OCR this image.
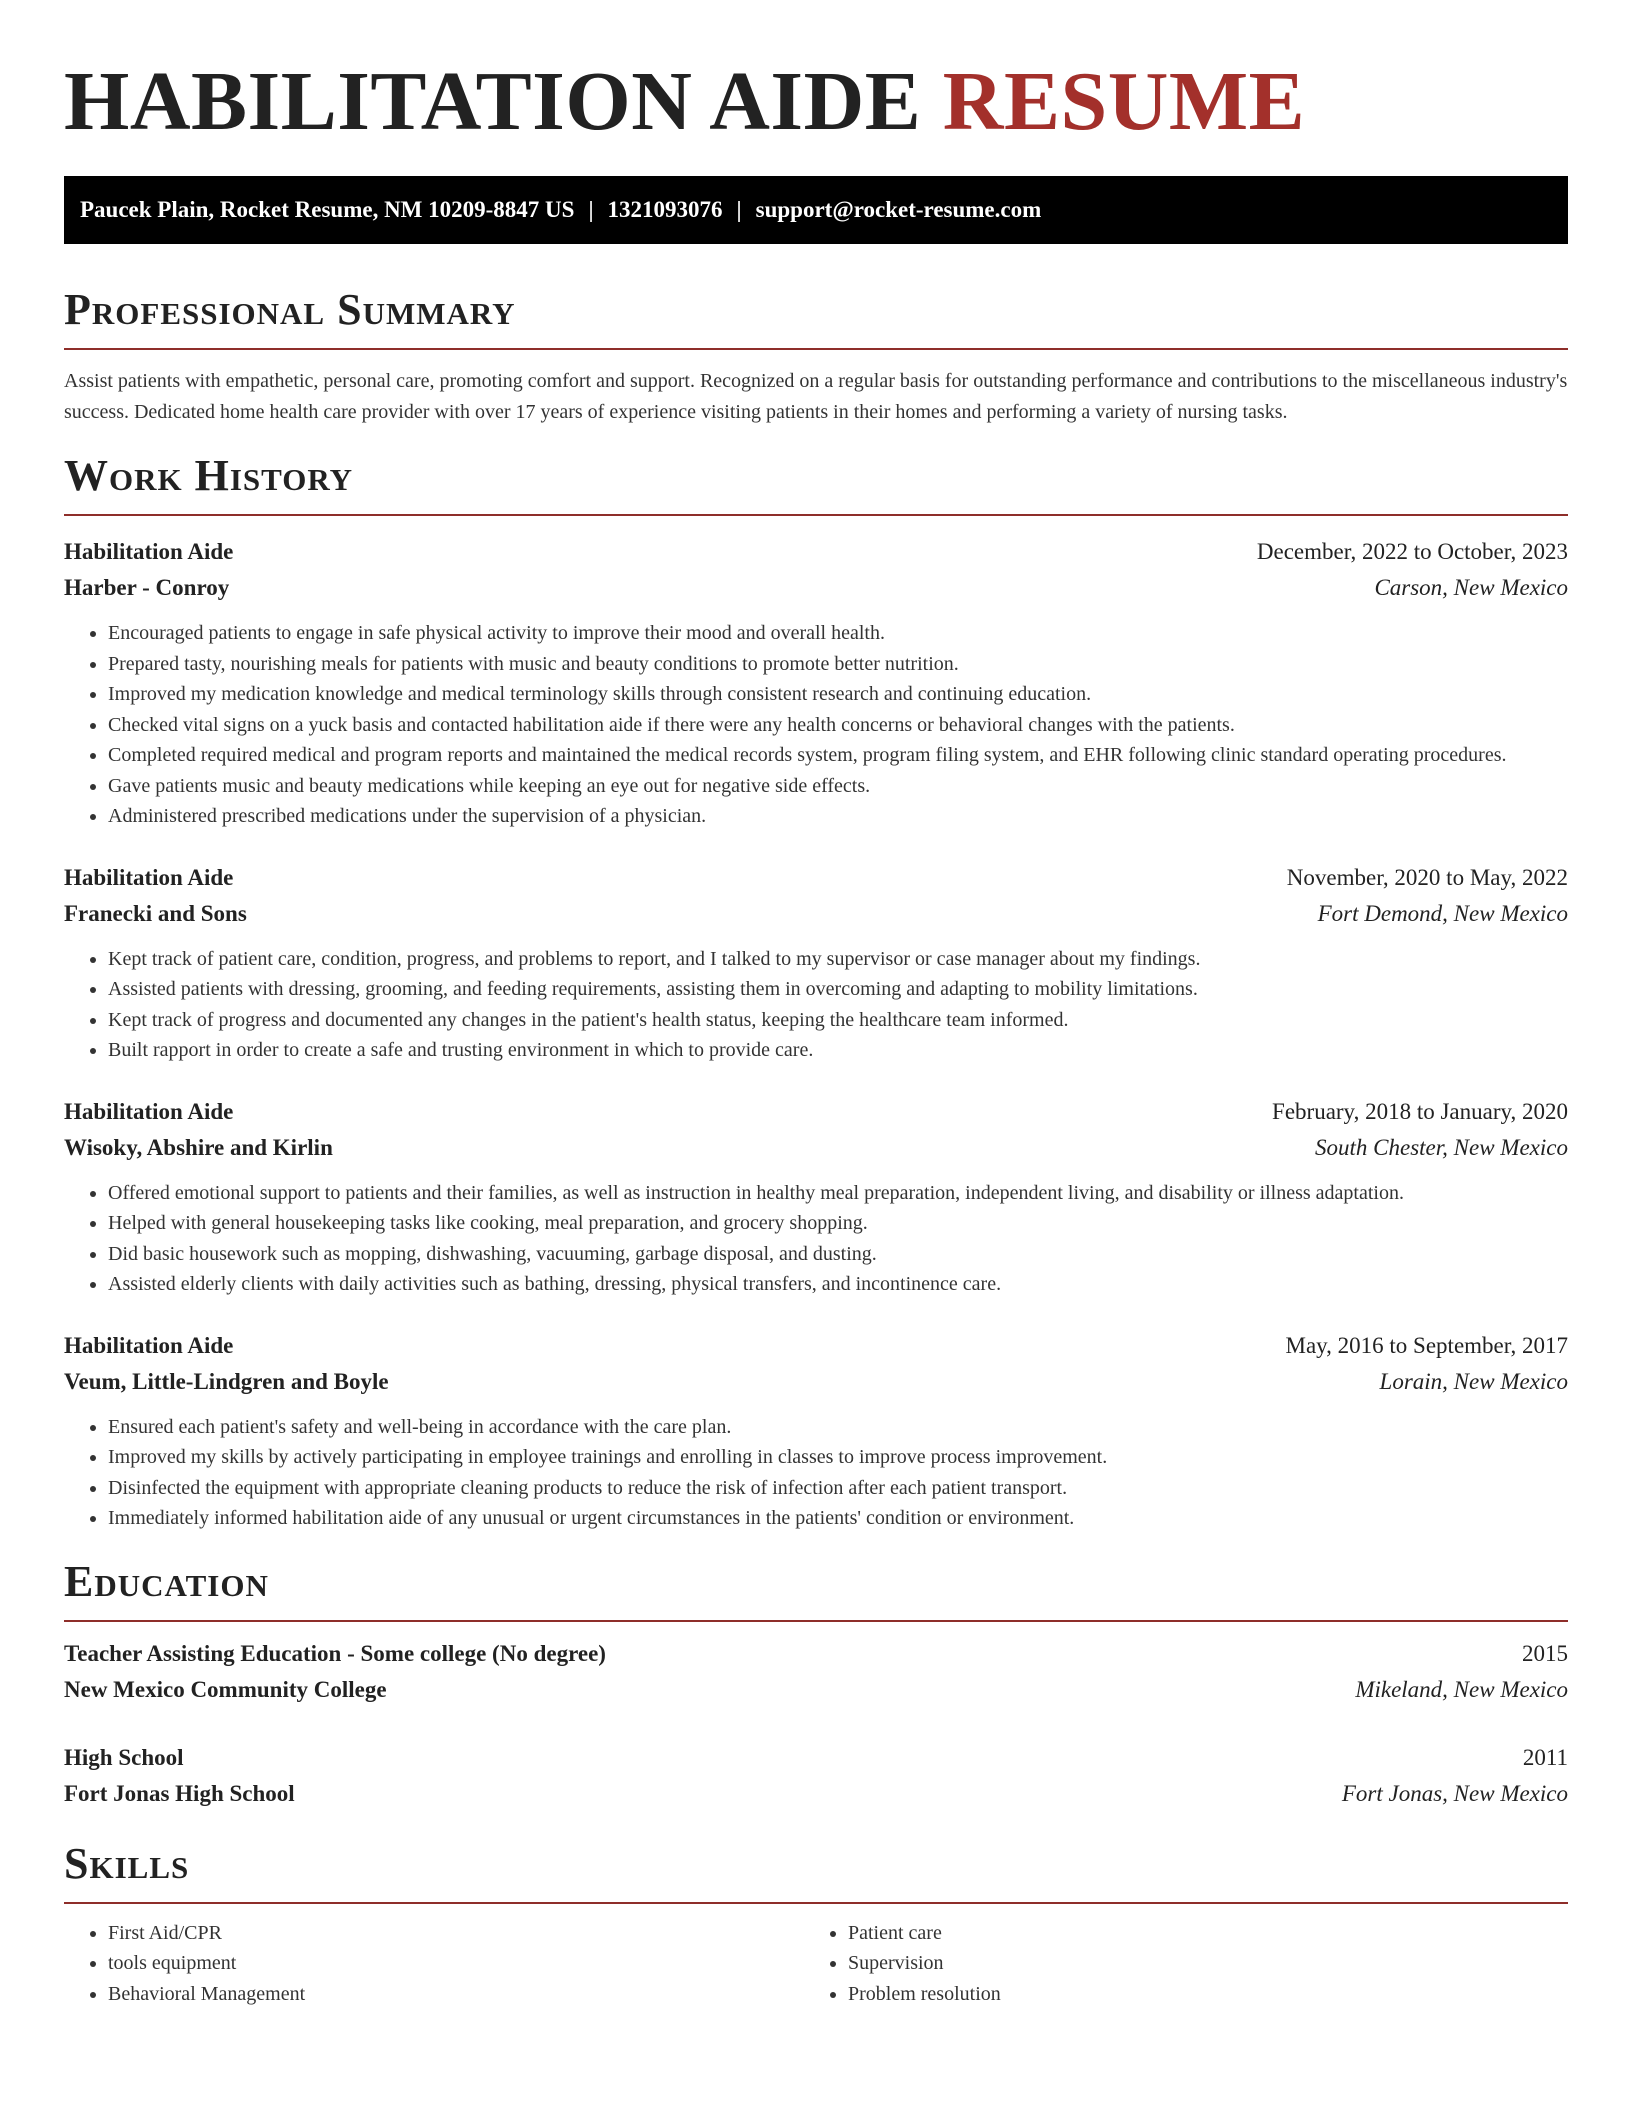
HABILITATION AIDE RESUME
Paucek Plain, Rocket Resume, NM 10209-8847 US | 1321093076 | support@rocket-resume.com
Professional Summary

Assist patients with empathetic, personal care, promoting comfort and support. Recognized on a regular basis for outstanding performance and contributions to the miscellaneous industry's success. Dedicated home health care provider with over 17 years of experience visiting patients in their homes and performing a variety of nursing tasks.

Work History
Habilitation Aide	December, 2022 to October, 2023
Harber - Conroy	Carson, New Mexico
• Encouraged patients to engage in safe physical activity to improve their mood and overall health.
• Prepared tasty, nourishing meals for patients with music and beauty conditions to promote better nutrition.
• Improved my medication knowledge and medical terminology skills through consistent research and continuing education.
• Checked vital signs on a yuck basis and contacted habilitation aide if there were any health concerns or behavioral changes with the patients.
• Completed required medical and program reports and maintained the medical records system, program filing system, and EHR following clinic standard operating procedures.
• Gave patients music and beauty medications while keeping an eye out for negative side effects.
• Administered prescribed medications under the supervision of a physician.
Habilitation Aide	November, 2020 to May, 2022
Franecki and Sons	Fort Demond, New Mexico
• Kept track of patient care, condition, progress, and problems to report, and I talked to my supervisor or case manager about my findings.
• Assisted patients with dressing, grooming, and feeding requirements, assisting them in overcoming and adapting to mobility limitations.
• Kept track of progress and documented any changes in the patient's health status, keeping the healthcare team informed.
• Built rapport in order to create a safe and trusting environment in which to provide care.
Habilitation Aide	February, 2018 to January, 2020
Wisoky, Abshire and Kirlin	South Chester, New Mexico
• Offered emotional support to patients and their families, as well as instruction in healthy meal preparation, independent living, and disability or illness adaptation.
• Helped with general housekeeping tasks like cooking, meal preparation, and grocery shopping.
• Did basic housework such as mopping, dishwashing, vacuuming, garbage disposal, and dusting.
• Assisted elderly clients with daily activities such as bathing, dressing, physical transfers, and incontinence care.
Habilitation Aide	May, 2016 to September, 2017
Veum, Little-Lindgren and Boyle	Lorain, New Mexico
• Ensured each patient's safety and well-being in accordance with the care plan.
• Improved my skills by actively participating in employee trainings and enrolling in classes to improve process improvement.
• Disinfected the equipment with appropriate cleaning products to reduce the risk of infection after each patient transport.
• Immediately informed habilitation aide of any unusual or urgent circumstances in the patients' condition or environment.
Education
Teacher Assisting Education - Some college (No degree)	2015
New Mexico Community College	Mikeland, New Mexico
High School	2011
Fort Jonas High School	Fort Jonas, New Mexico
Skills
• First Aid/CPR
• tools equipment
• Behavioral Management
• Patient care
• Supervision
• Problem resolution
